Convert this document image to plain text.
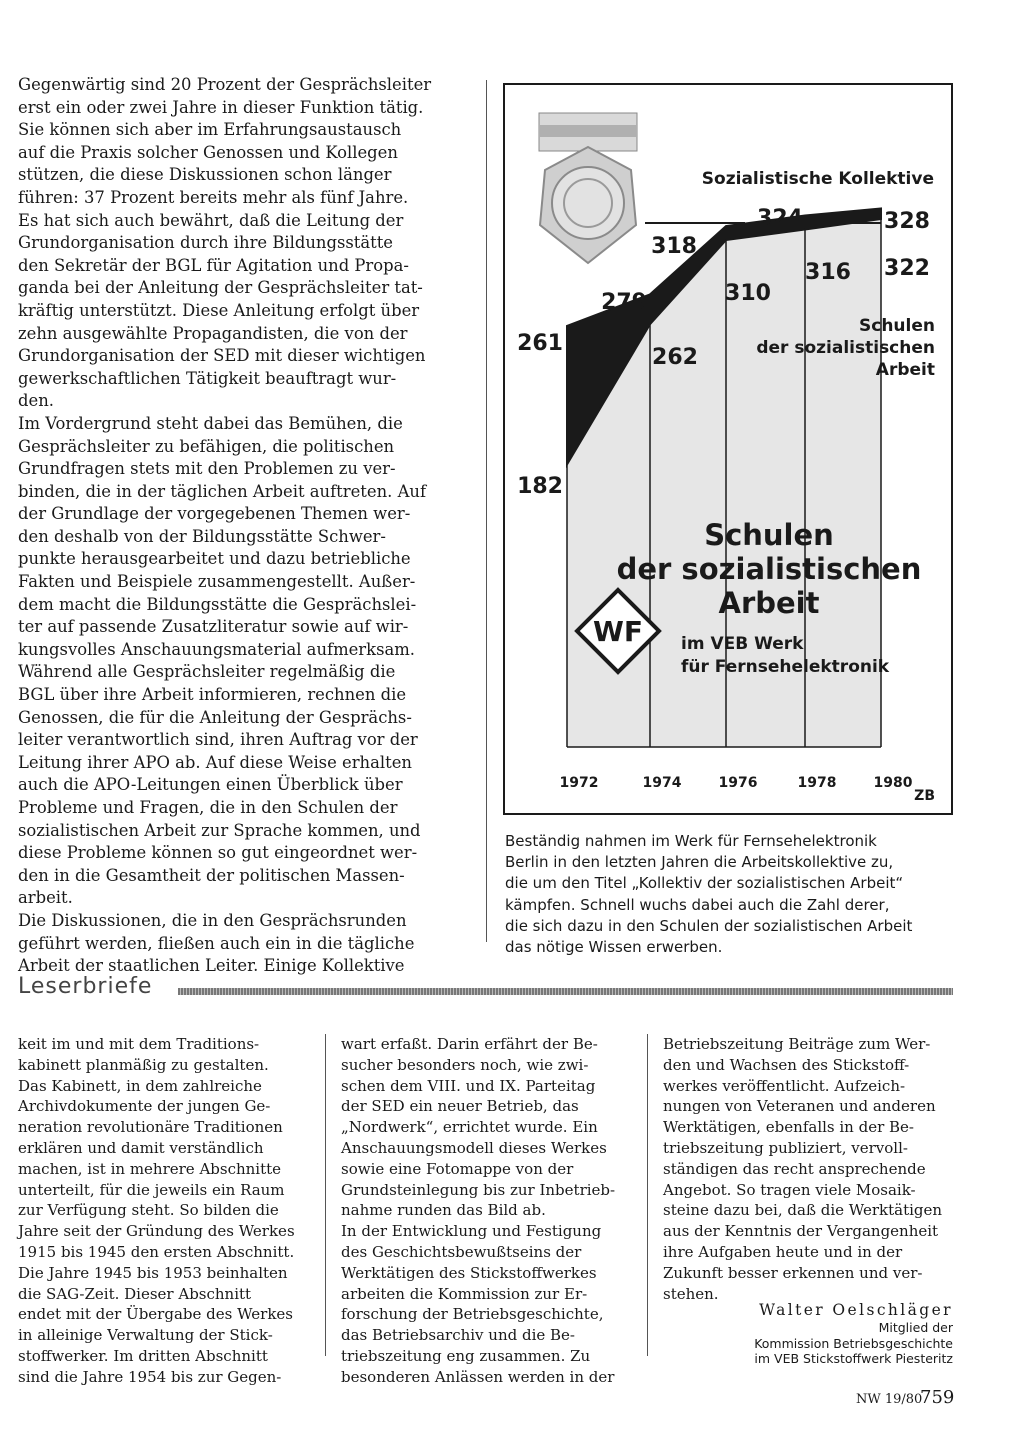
Gegenwärtig sind 20 Prozent der Gesprächsleiter
erst ein oder zwei Jahre in dieser Funktion tätig.
Sie können sich aber im Erfahrungsaustausch
auf die Praxis solcher Genossen und Kollegen
stützen, die diese Diskussionen schon länger
führen: 37 Prozent bereits mehr als fünf Jahre.
Es hat sich auch bewährt, daß die Leitung der
Grundorganisation durch ihre Bildungsstätte
den Sekretär der BGL für Agitation und Propa-
ganda bei der Anleitung der Gesprächsleiter tat-
kräftig unterstützt. Diese Anleitung erfolgt über
zehn ausgewählte Propagandisten, die von der
Grundorganisation der SED mit dieser wichtigen
gewerkschaftlichen Tätigkeit beauftragt wur-
den.
Im Vordergrund steht dabei das Bemühen, die
Gesprächsleiter zu befähigen, die politischen
Grundfragen stets mit den Problemen zu ver-
binden, die in der täglichen Arbeit auftreten. Auf
der Grundlage der vorgegebenen Themen wer-
den deshalb von der Bildungsstätte Schwer-
punkte herausgearbeitet und dazu betriebliche
Fakten und Beispiele zusammengestellt. Außer-
dem macht die Bildungsstätte die Gesprächslei-
ter auf passende Zusatzliteratur sowie auf wir-
kungsvolles Anschauungsmaterial aufmerksam.
Während alle Gesprächsleiter regelmäßig die
BGL über ihre Arbeit informieren, rechnen die
Genossen, die für die Anleitung der Gesprächs-
leiter verantwortlich sind, ihren Auftrag vor der
Leitung ihrer APO ab. Auf diese Weise erhalten
auch die APO-Leitungen einen Überblick über
Probleme und Fragen, die in den Schulen der
sozialistischen Arbeit zur Sprache kommen, und
diese Probleme können so gut eingeordnet wer-
den in die Gesamtheit der politischen Massen-
arbeit.
Die Diskussionen, die in den Gesprächsrunden
geführt werden, fließen auch ein in die tägliche
Arbeit der staatlichen Leiter. Einige Kollektive
261
279
318
324	328
182
262
310
316 322
Sozialistische Kollektive
Schulen
der sozialistischen
Arbeit
Schulen
der sozialistischen
Arbeit
im VEB Werk
für Fernsehelektronik
1972	1974	1976	1978	1980
WF
ZB
Beständig nahmen im Werk für Fernsehelektronik
Berlin in den letzten Jahren die Arbeitskollektive zu,
die um den Titel „Kollektiv der sozialistischen Arbeit“
kämpfen. Schnell wuchs dabei auch die Zahl derer,
die sich dazu in den Schulen der sozialistischen Arbeit
das nötige Wissen erwerben.
Leserbriefe
keit im und mit dem Traditions-
kabinett planmäßig zu gestalten.
Das Kabinett, in dem zahlreiche
Archivdokumente der jungen Ge-
neration revolutionäre Traditionen
erklären und damit verständlich
machen, ist in mehrere Abschnitte
unterteilt, für die jeweils ein Raum
zur Verfügung steht. So bilden die
Jahre seit der Gründung des Werkes
1915 bis 1945 den ersten Abschnitt.
Die Jahre 1945 bis 1953 beinhalten
die SAG-Zeit. Dieser Abschnitt
endet mit der Übergabe des Werkes
in alleinige Verwaltung der Stick-
stoffwerker. Im dritten Abschnitt
sind die Jahre 1954 bis zur Gegen-
wart erfaßt. Darin erfährt der Be-
sucher besonders noch, wie zwi-
schen dem VIII. und IX. Parteitag
der SED ein neuer Betrieb, das
„Nordwerk“, errichtet wurde. Ein
Anschauungsmodell dieses Werkes
sowie eine Fotomappe von der
Grundsteinlegung bis zur Inbetrieb-
nahme runden das Bild ab.
In der Entwicklung und Festigung
des Geschichtsbewußtseins der
Werktätigen des Stickstoffwerkes
arbeiten die Kommission zur Er-
forschung der Betriebsgeschichte,
das Betriebsarchiv und die Be-
triebszeitung eng zusammen. Zu
besonderen Anlässen werden in der
Betriebszeitung Beiträge zum Wer-
den und Wachsen des Stickstoff-
werkes veröffentlicht. Aufzeich-
nungen von Veteranen und anderen
Werktätigen, ebenfalls in der Be-
triebszeitung publiziert, vervoll-
ständigen das recht ansprechende
Angebot. So tragen viele Mosaik-
steine dazu bei, daß die Werktätigen
aus der Kenntnis der Vergangenheit
ihre Aufgaben heute und in der
Zukunft besser erkennen und ver-
stehen.
Walter Oelschläger
Mitglied der
Kommission Betriebsgeschichte
im VEB Stickstoffwerk Piesteritz
NW 19/80
759
